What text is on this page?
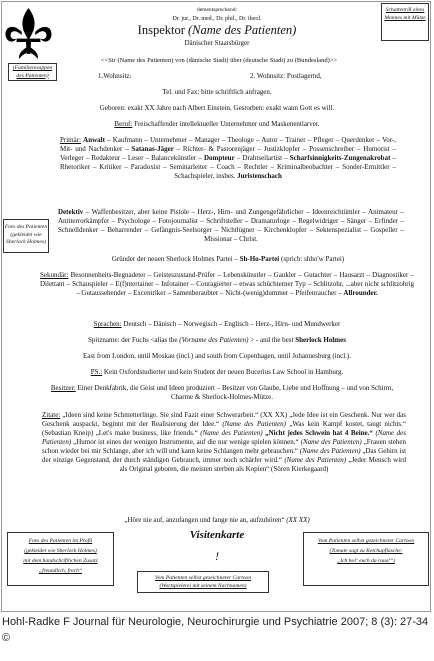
(Familienwappen des Patienten)
Schattenriß eines Mannes mit Mütze
Foto des Patienten (gekleidet wie Sherlock Holmes)
dementsprechend:
Dr. jur., Dr. med., Dr. phil., Dr. theol.
Inspektor (Name des Patienten)
Dänischer Staatsbürger
<<Sir (Name des Patienten) von (dänische Stadt) über (deutsche Stadt) zu (Bundesland)>>
1.Wohnsitz:	2. Wohnsitz: Postlagernd,
Tel. und Fax: bitte schriftlich anfragen.
Geboren: exakt XX Jahre nach Albert Einstein. Gestorben: exakt wann Gott es will.
Beruf: Freischaffender intellektueller Unternehmer und Maskenentlarver.
Primär: Anwalt – Kaufmann – Unternehmer – Manager – Theologe – Autor – Trainer – Pfleger – Querdenker – Vor-, Mit- und Nachdenker – Satanas-Jäger – Richter- & Pastorenjäger – Justizklopfer – Possenschreiber – Humorist – Verleger – Redakteur – Leser – Balancekünstler – Dompteur – Drahtseilartist – Scharfsinnigkeits-Zungenakrobat – Rhetoriker – Kritiker – Paradoxist – Seminarleiter – Coach – Rechtler – Kriminalbeobachter – Sonder-Ermittler – Schachspieler, insbes. Juristenschach
Detektiv – Waffenbesitzer, aber keine Pistole – Herz-, Hirn- und Zungengefährlicher – Ideenreichtümler – Animateur – Antiterrorkämpfer – Psychologe – Fotojournalist – Schriftsteller – Dramaturloge – Regelwidriger – Sänger – Erfinder – Schnelldenker – Beharrender – Gefängnis-Seelsorger – Nichtlügner – Kirchenklopfer – Sektenspezialist – Gospeller – Missionar – Christ.
Gründer der neuen Sherlock Holmes Partei – Sh-Ho-Partei (sprich: shho'w Partei)
Sekundär: Besonnenheits-Begnadeter – Geisteszustand-Prüfer – Lebenskünstler – Gaukler – Gutachter – Hausarzt – Diagnostiker – Dilettant – Schauspieler – E(f)ntertainer – Infotainer – Couragierter – etwas schüchterner Typ – Schlitzohr, ...aber nicht schlitzohrig – Gutaussehender – Excentriker – Samenberaubter – Nicht-(wenig)dummer – Pfeifenraucher – Allrounder.
Sprachen: Deutsch – Dänisch – Norwegisch – Englisch – Herz-, Hirn- und Mundwerker
Spitzname: der Fuchs <alias the (Vorname des Patienten) > - and the best Sherlock Holmes
East from London, until Moskau (incl.) and south from Copenhagen, until Johannesburg (incl.).
PS.: Kein Oxfordstudierter und kein Student der neuen Bucerius Law School in Hamburg.
Besitzer: Einer Denkfabrik, die Geist und Ideen produziert – Besitzer von Glaube, Liebe und Hoffnung – und von Schirm, Charme & Sherlock-Holmes-Mütze.
Zitate: „Ideen sind keine Schmetterlinge. Sie sind Fazit einer Schwerarbeit.“ (XX XX) „Jede Idee ist ein Geschenk. Nur wer das Geschenk auspackt, beginnt mit der Realisierung der Idee.“ (Name des Patienten) „Was kein Kampf kostet, taugt nichts.“ (Sebastian Kneip) „Let's make business, like friends.“ (Name des Patienten) „Nicht jedes Schwein hat 4 Beine.“ (Name des Patienten) „Humor ist eines der wenigen Instrumente, auf die nur wenige spielen können.“ (Name des Patienten) „Frauen stehen schon wieder bei mir Schlange, aber ich will und kann keine Schlangen mehr gebrauchen.“ (Name des Patienten) „Das Gehirn ist der einzige Gegenstand, der durch ständigen Gebrauch, immer noch schärfer wird.“ (Name des Patienten) „Jeder Mensch wird als Original geboren, die meisten sterben als Kopien“ (Sören Kierkegaard)
„Höre nie auf, anzufangen und fange nie an, aufzuhören“ (XX XX)
Visitenkarte
!
Foto des Patienten im Profil
(gekleidet wie Sherlock Holmes)
mit dem handschriftlichen Zusatz
„freundlich, frech“
Vom Patienten selbst gezeichneter Cartoon
(Wortspielerei mit seinem Nachnamen)
Vom Patienten selbst gezeichneter Cartoon
(Tomate sagt zu Ketchupflasche:
„Ich hol‘ euch da raus!“)
Hohl-Radke F Journal für Neurologie, Neurochirurgie und Psychiatrie 2007; 8 (3): 27-34 ©
